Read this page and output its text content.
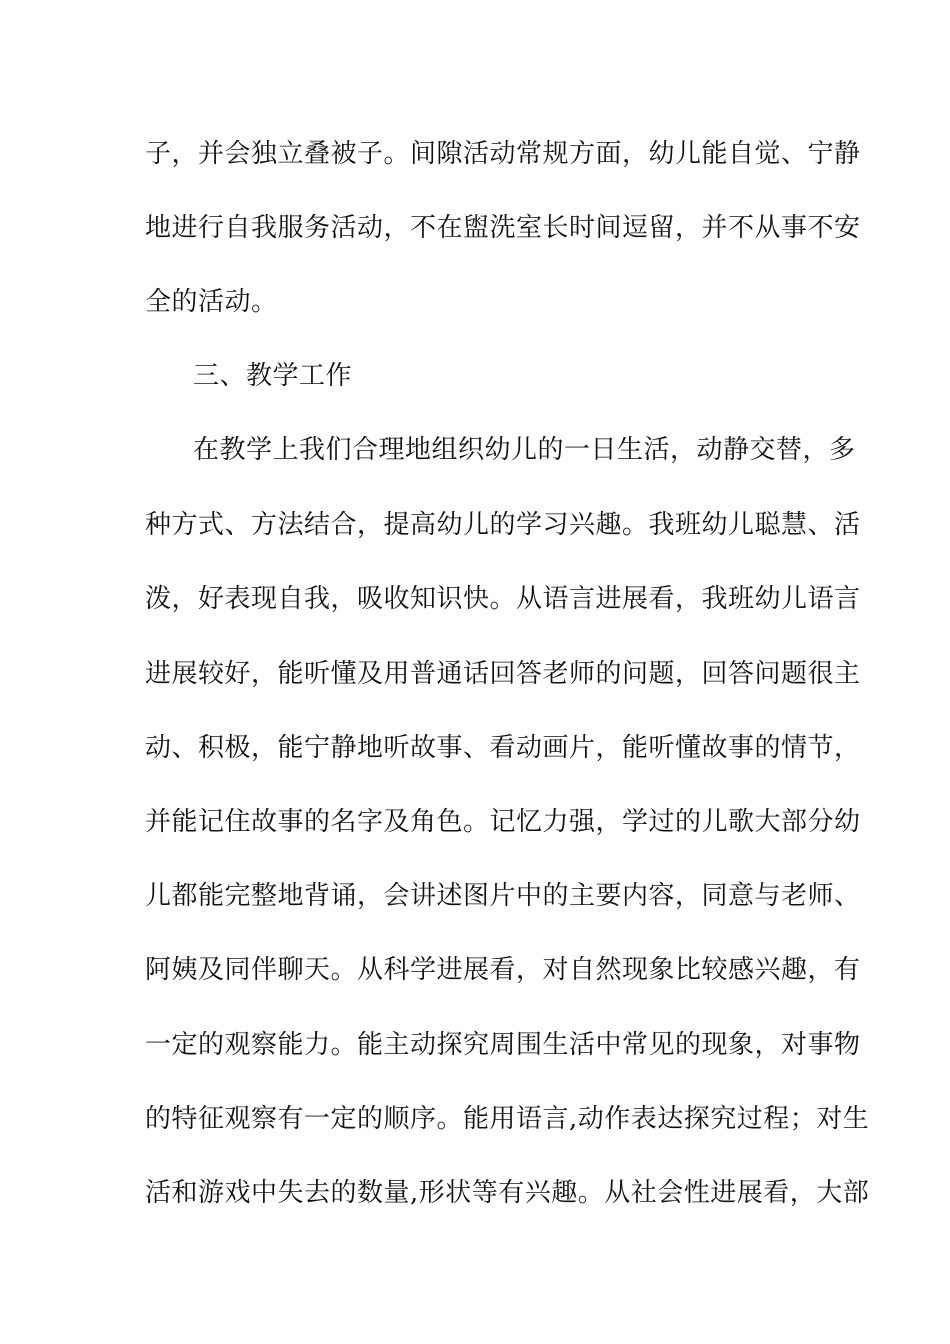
子，并会独立叠被子。间隙活动常规方面，幼儿能自觉、宁静
地进行自我服务活动，不在盥洗室长时间逗留，并不从事不安
全的活动。
三、教学工作
在教学上我们合理地组织幼儿的一日生活，动静交替，多
种方式、方法结合，提高幼儿的学习兴趣。我班幼儿聪慧、活
泼，好表现自我，吸收知识快。从语言进展看，我班幼儿语言
进展较好，能听懂及用普通话回答老师的问题，回答问题很主
动、积极，能宁静地听故事、看动画片，能听懂故事的情节，
并能记住故事的名字及角色。记忆力强，学过的儿歌大部分幼
儿都能完整地背诵，会讲述图片中的主要内容，同意与老师、
阿姨及同伴聊天。从科学进展看，对自然现象比较感兴趣，有
一定的观察能力。能主动探究周围生活中常见的现象，对事物
的特征观察有一定的顺序。能用语言,动作表达探究过程；对生
活和游戏中失去的数量,形状等有兴趣。从社会性进展看，大部
